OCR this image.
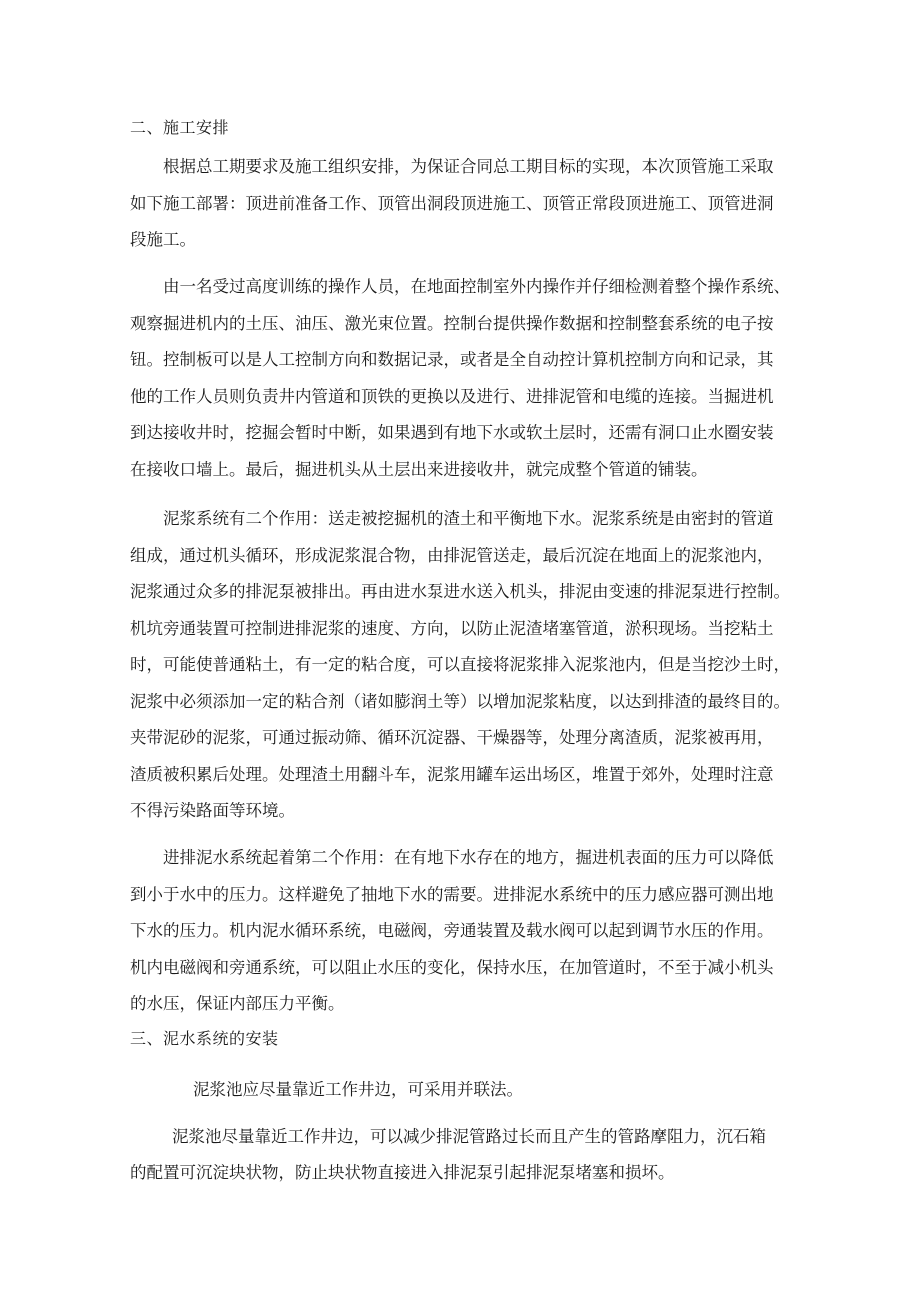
二、施工安排

根据总工期要求及施工组织安排，为保证合同总工期目标的实现，本次顶管施工采取

如下施工部署：顶进前准备工作、顶管出洞段顶进施工、顶管正常段顶进施工、顶管进洞

段施工。

由一名受过高度训练的操作人员，在地面控制室外内操作并仔细检测着整个操作系统、

观察掘进机内的土压、油压、激光束位置。控制台提供操作数据和控制整套系统的电子按

钮。控制板可以是人工控制方向和数据记录，或者是全自动控计算机控制方向和记录，其

他的工作人员则负责井内管道和顶铁的更换以及进行、进排泥管和电缆的连接。当掘进机

到达接收井时，挖掘会暂时中断，如果遇到有地下水或软土层时，还需有洞口止水圈安装

在接收口墙上。最后，掘进机头从土层出来进接收井，就完成整个管道的铺装。

泥浆系统有二个作用：送走被挖掘机的渣土和平衡地下水。泥浆系统是由密封的管道

组成，通过机头循环，形成泥浆混合物，由排泥管送走，最后沉淀在地面上的泥浆池内，

泥浆通过众多的排泥泵被排出。再由进水泵进水送入机头，排泥由变速的排泥泵进行控制。

机坑旁通装置可控制进排泥浆的速度、方向，以防止泥渣堵塞管道，淤积现场。当挖粘土

时，可能使普通粘土，有一定的粘合度，可以直接将泥浆排入泥浆池内，但是当挖沙土时，

泥浆中必须添加一定的粘合剂（诸如膨润土等）以增加泥浆粘度，以达到排渣的最终目的。

夹带泥砂的泥浆，可通过振动筛、循环沉淀器、干燥器等，处理分离渣质，泥浆被再用，

渣质被积累后处理。处理渣土用翻斗车，泥浆用罐车运出场区，堆置于郊外，处理时注意

不得污染路面等环境。

进排泥水系统起着第二个作用：在有地下水存在的地方，掘进机表面的压力可以降低

到小于水中的压力。这样避免了抽地下水的需要。进排泥水系统中的压力感应器可测出地

下水的压力。机内泥水循环系统，电磁阀，旁通装置及载水阀可以起到调节水压的作用。

机内电磁阀和旁通系统，可以阻止水压的变化，保持水压，在加管道时，不至于减小机头

的水压，保证内部压力平衡。

三、泥水系统的安装

泥浆池应尽量靠近工作井边，可采用并联法。

泥浆池尽量靠近工作井边，可以减少排泥管路过长而且产生的管路摩阻力，沉石箱

的配置可沉淀块状物，防止块状物直接进入排泥泵引起排泥泵堵塞和损坏。
